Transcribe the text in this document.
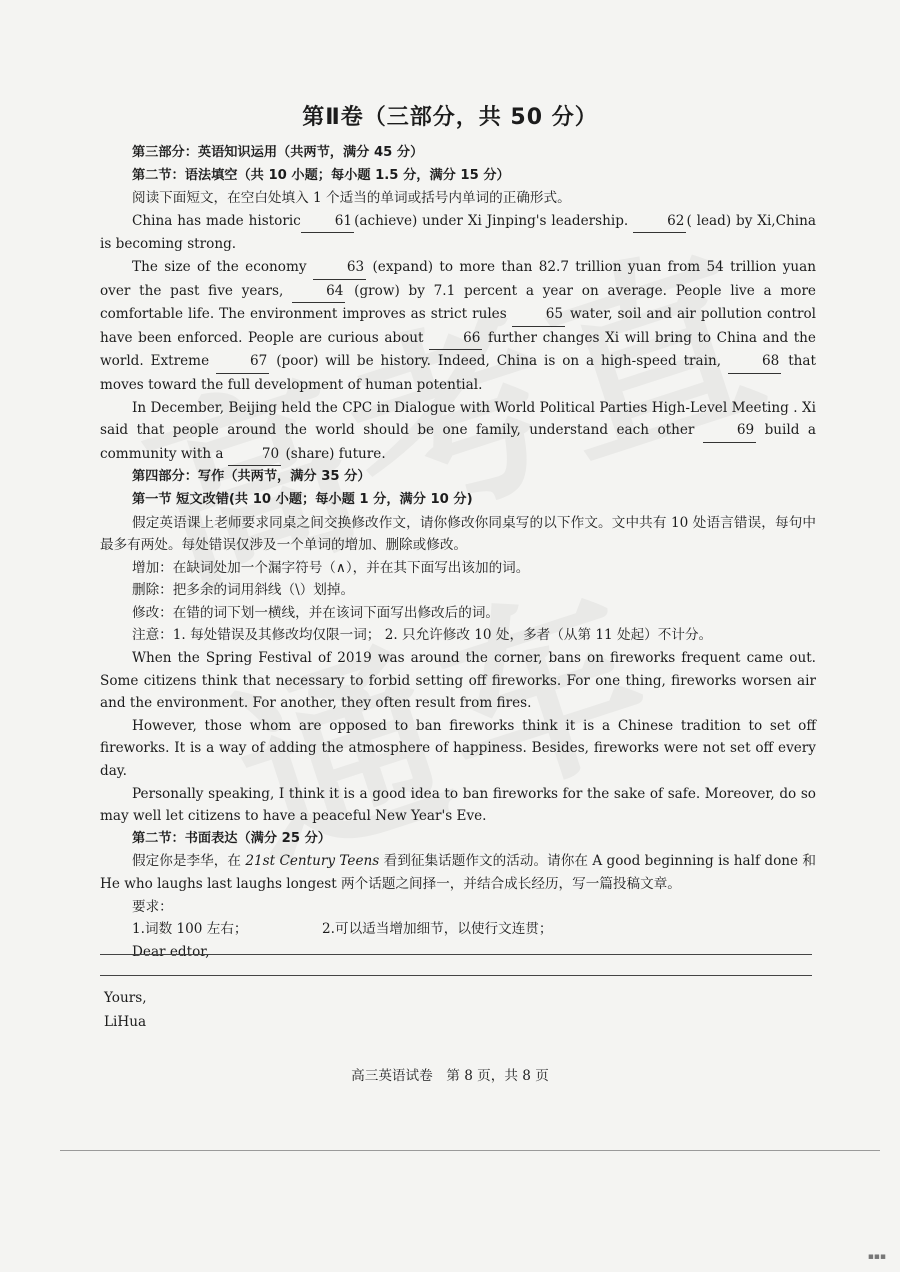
第Ⅱ卷（三部分，共 50 分）

第三部分：英语知识运用（共两节，满分 45 分）

第二节：语法填空（共 10 小题；每小题 1.5 分，满分 15 分）

阅读下面短文，在空白处填入 1 个适当的单词或括号内单词的正确形式。

China has made historic	61 (achieve) under Xi Jinping's leadership.	62 ( lead) by Xi,China is becoming strong.

The size of the economy	63 (expand) to more than 82.7 trillion yuan from 54 trillion yuan over the past five years,	64 (grow) by 7.1 percent a year on average. People live a more comfortable life. The environment improves as strict rules	65 water, soil and air pollution control have been enforced. People are curious about	66 further changes Xi will bring to China and the world. Extreme	67 (poor) will be history. Indeed, China is on a high-speed train,	68 that moves toward the full development of human potential.

In December, Beijing held the CPC in Dialogue with World Political Parties High-Level Meeting . Xi said that people around the world should be one family, understand each other	69 build a community with a	70 (share) future.

第四部分：写作（共两节，满分 35 分）

第一节 短文改错(共 10 小题；每小题 1 分，满分 10 分)

假定英语课上老师要求同桌之间交换修改作文，请你修改你同桌写的以下作文。文中共有 10 处语言错误，每句中最多有两处。每处错误仅涉及一个单词的增加、删除或修改。

增加：在缺词处加一个漏字符号（∧），并在其下面写出该加的词。

删除：把多余的词用斜线（\）划掉。

修改：在错的词下划一横线，并在该词下面写出修改后的词。

注意：1. 每处错误及其修改均仅限一词； 2. 只允许修改 10 处，多者（从第 11 处起）不计分。

When the Spring Festival of 2019 was around the corner, bans on fireworks frequent came out. Some citizens think that necessary to forbid setting off fireworks. For one thing, fireworks worsen air and the environment. For another, they often result from fires.

However, those whom are opposed to ban fireworks think it is a Chinese tradition to set off fireworks. It is a way of adding the atmosphere of happiness. Besides, fireworks were not set off every day.

Personally speaking, I think it is a good idea to ban fireworks for the sake of safe. Moreover, do so may well let citizens to have a peaceful New Year's Eve.

第二节：书面表达（满分 25 分）

假定你是李华，在 21st Century Teens 看到征集话题作文的活动。请你在 A good beginning is half done 和 He who laughs last laughs longest 两个话题之间择一，并结合成长经历，写一篇投稿文章。

要求：

1.词数 100 左右；	2.可以适当增加细节，以使行文连贯；

Dear edtor,

Yours,
LiHua
高三英语试卷　第 8 页，共 8 页
▪▪▪
